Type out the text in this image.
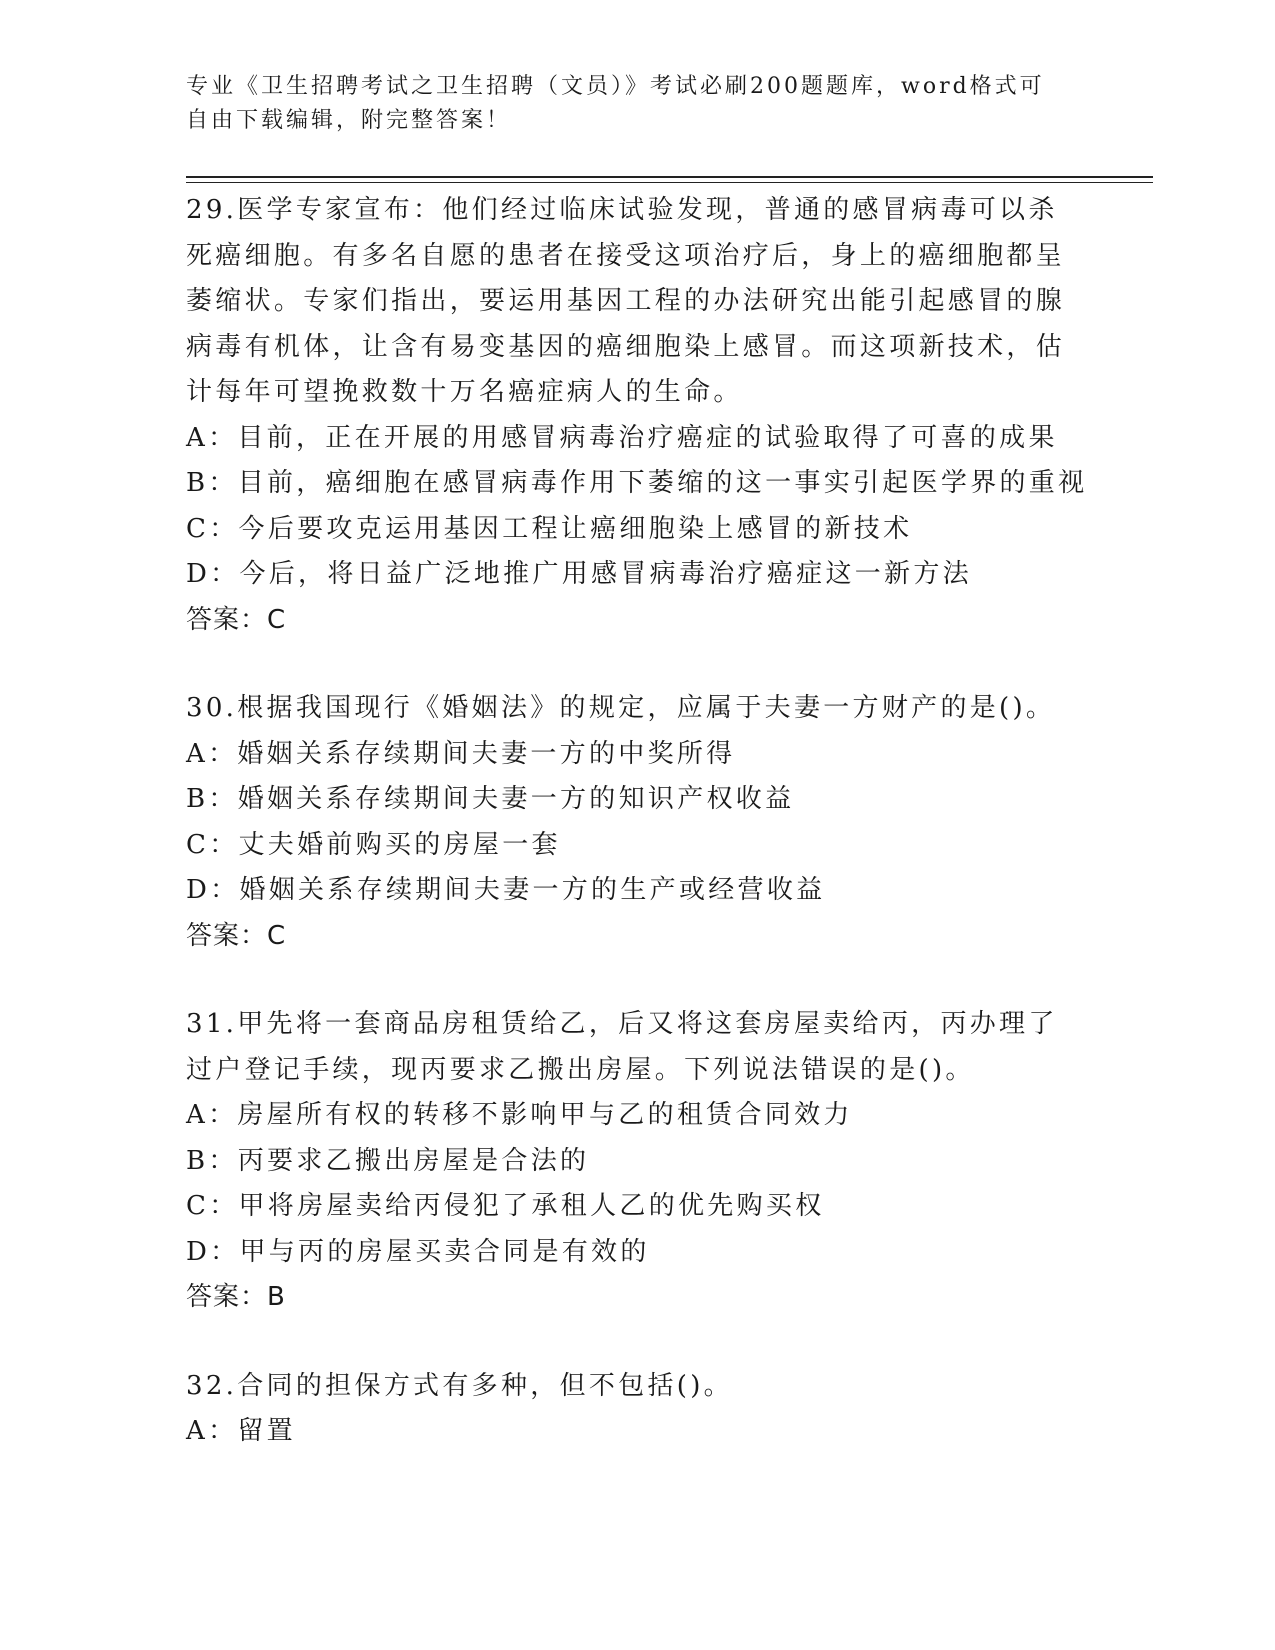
专业《卫生招聘考试之卫生招聘（文员）》考试必刷200题题库，word格式可自由下载编辑，附完整答案！
29.医学专家宣布：他们经过临床试验发现，普通的感冒病毒可以杀死癌细胞。有多名自愿的患者在接受这项治疗后，身上的癌细胞都呈萎缩状。专家们指出，要运用基因工程的办法研究出能引起感冒的腺病毒有机体，让含有易变基因的癌细胞染上感冒。而这项新技术，估计每年可望挽救数十万名癌症病人的生命。
A：目前，正在开展的用感冒病毒治疗癌症的试验取得了可喜的成果
B：目前，癌细胞在感冒病毒作用下萎缩的这一事实引起医学界的重视
C：今后要攻克运用基因工程让癌细胞染上感冒的新技术
D：今后，将日益广泛地推广用感冒病毒治疗癌症这一新方法
答案：C
30.根据我国现行《婚姻法》的规定，应属于夫妻一方财产的是()。
A：婚姻关系存续期间夫妻一方的中奖所得
B：婚姻关系存续期间夫妻一方的知识产权收益
C：丈夫婚前购买的房屋一套
D：婚姻关系存续期间夫妻一方的生产或经营收益
答案：C
31.甲先将一套商品房租赁给乙，后又将这套房屋卖给丙，丙办理了过户登记手续，现丙要求乙搬出房屋。下列说法错误的是()。
A：房屋所有权的转移不影响甲与乙的租赁合同效力
B：丙要求乙搬出房屋是合法的
C：甲将房屋卖给丙侵犯了承租人乙的优先购买权
D：甲与丙的房屋买卖合同是有效的
答案：B
32.合同的担保方式有多种，但不包括()。
A：留置
